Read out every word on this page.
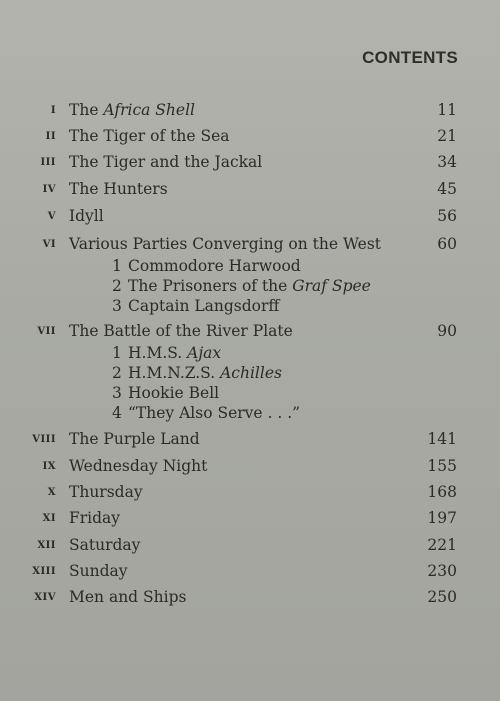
CONTENTS
I The Africa Shell	11
II The Tiger of the Sea	21
III The Tiger and the Jackal	34
IV The Hunters	45
V Idyll	56
VI Various Parties Converging on the West	60
1 Commodore Harwood
2 The Prisoners of the Graf Spee
3 Captain Langsdorff
VII The Battle of the River Plate	90
1 H.M.S. Ajax
2 H.M.N.Z.S. Achilles
3 Hookie Bell
4 “They Also Serve . . .”
VIII The Purple Land	141
IX Wednesday Night	155
X Thursday	168
XI Friday	197
XII Saturday	221
XIII Sunday	230
XIV Men and Ships	250
